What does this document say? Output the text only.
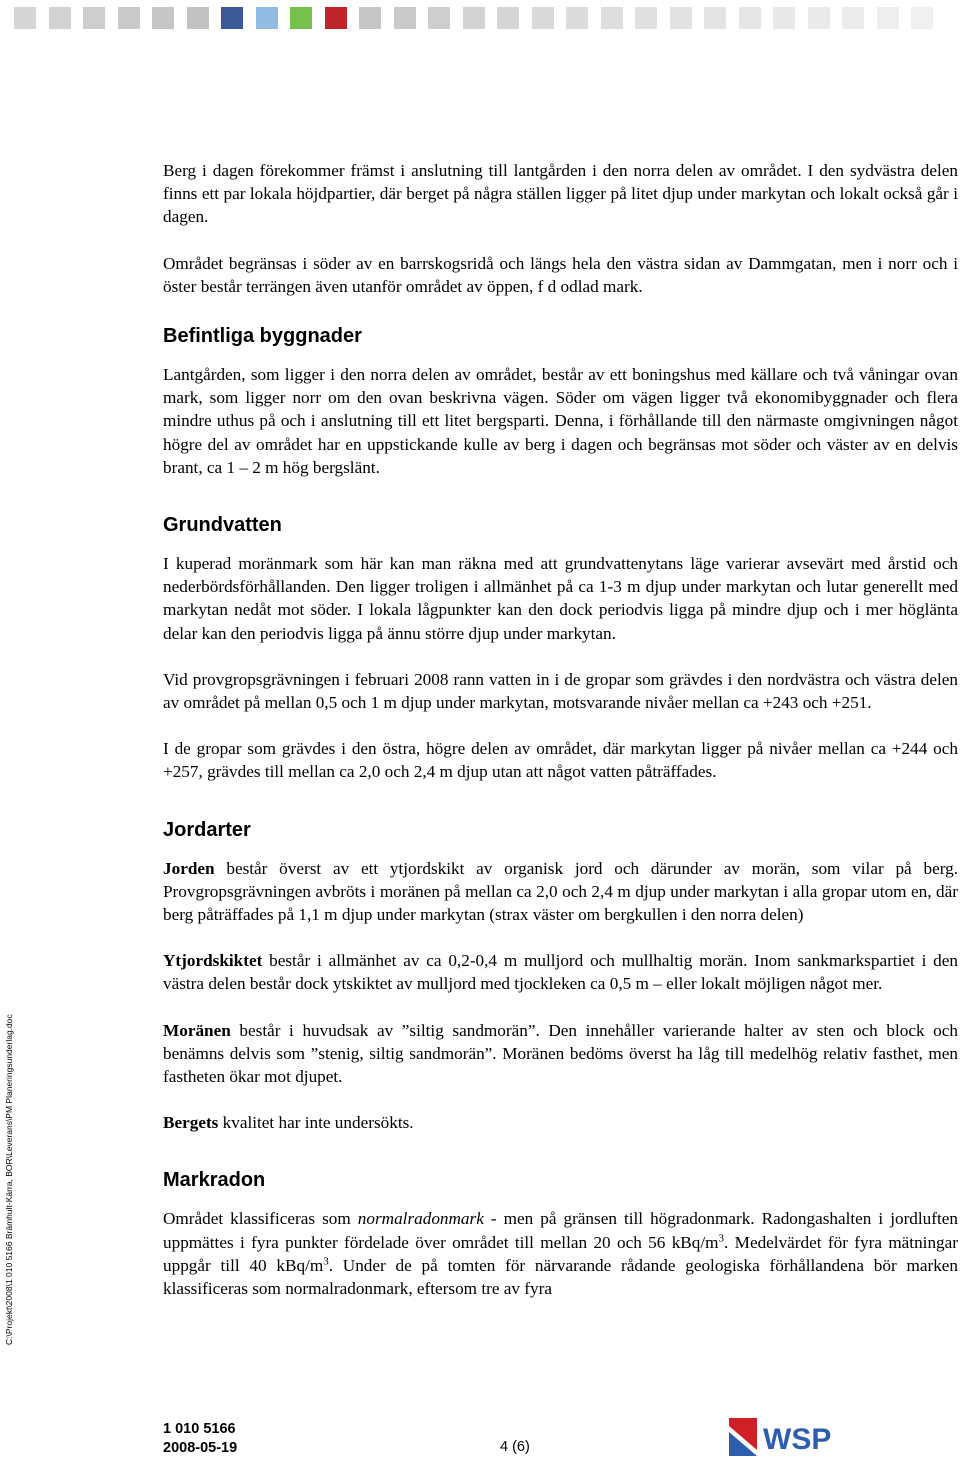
C:\Projekt\2008\1 010 5166 Brämhult-Kärra, BOR\Leverans\PM Planeringsunderlag.doc

Berg i dagen förekommer främst i anslutning till lantgården i den norra delen av området. I den sydvästra delen finns ett par lokala höjdpartier, där berget på några ställen ligger på litet djup under markytan och lokalt också går i dagen.

Området begränsas i söder av en barrskogsridå och längs hela den västra sidan av Dammgatan, men i norr och i öster består terrängen även utanför området av öppen, f d odlad mark.

Befintliga byggnader

Lantgården, som ligger i den norra delen av området, består av ett boningshus med källare och två våningar ovan mark, som ligger norr om den ovan beskrivna vägen. Söder om vägen ligger två ekonomibyggnader och flera mindre uthus på och i anslutning till ett litet bergsparti. Denna, i förhållande till den närmaste omgivningen något högre del av området har en uppstickande kulle av berg i dagen och begränsas mot söder och väster av en delvis brant, ca 1 – 2 m hög bergslänt.

Grundvatten

I kuperad moränmark som här kan man räkna med att grundvattenytans läge varierar avsevärt med årstid och nederbördsförhållanden. Den ligger troligen i allmänhet på ca 1-3 m djup under markytan och lutar generellt med markytan nedåt mot söder. I lokala lågpunkter kan den dock periodvis ligga på mindre djup och i mer höglänta delar kan den periodvis ligga på ännu större djup under markytan.

Vid provgropsgrävningen i februari 2008 rann vatten in i de gropar som grävdes i den nordvästra och västra delen av området på mellan 0,5 och 1 m djup under markytan, motsvarande nivåer mellan ca +243 och +251.

I de gropar som grävdes i den östra, högre delen av området, där markytan ligger på nivåer mellan ca +244 och +257, grävdes till mellan ca 2,0 och 2,4 m djup utan att något vatten påträffades.

Jordarter

Jorden består överst av ett ytjordskikt av organisk jord och därunder av morän, som vilar på berg. Provgropsgrävningen avbröts i moränen på mellan ca 2,0 och 2,4 m djup under markytan i alla gropar utom en, där berg påträffades på 1,1 m djup under markytan (strax väster om bergkullen i den norra delen)

Ytjordskiktet består i allmänhet av ca 0,2-0,4 m mulljord och mullhaltig morän. Inom sankmarkspartiet i den västra delen består dock ytskiktet av mulljord med tjockleken ca 0,5 m – eller lokalt möjligen något mer.

Moränen består i huvudsak av ”siltig sandmorän”. Den innehåller varierande halter av sten och block och benämns delvis som ”stenig, siltig sandmorän”. Moränen bedöms överst ha låg till medelhög relativ fasthet, men fastheten ökar mot djupet.

Bergets kvalitet har inte undersökts.

Markradon

Området klassificeras som normalradonmark - men på gränsen till högradonmark. Radongashalten i jordluften uppmättes i fyra punkter fördelade över området till mellan 20 och 56 kBq/$m^3$. Medelvärdet för fyra mätningar uppgår till 40 kBq/$m^3$. Under de på tomten för närvarande rådande geologiska förhållandena bör marken klassificeras som normalradonmark, eftersom tre av fyra

1 010 5166
2008-05-19	4 (6)	WSP
